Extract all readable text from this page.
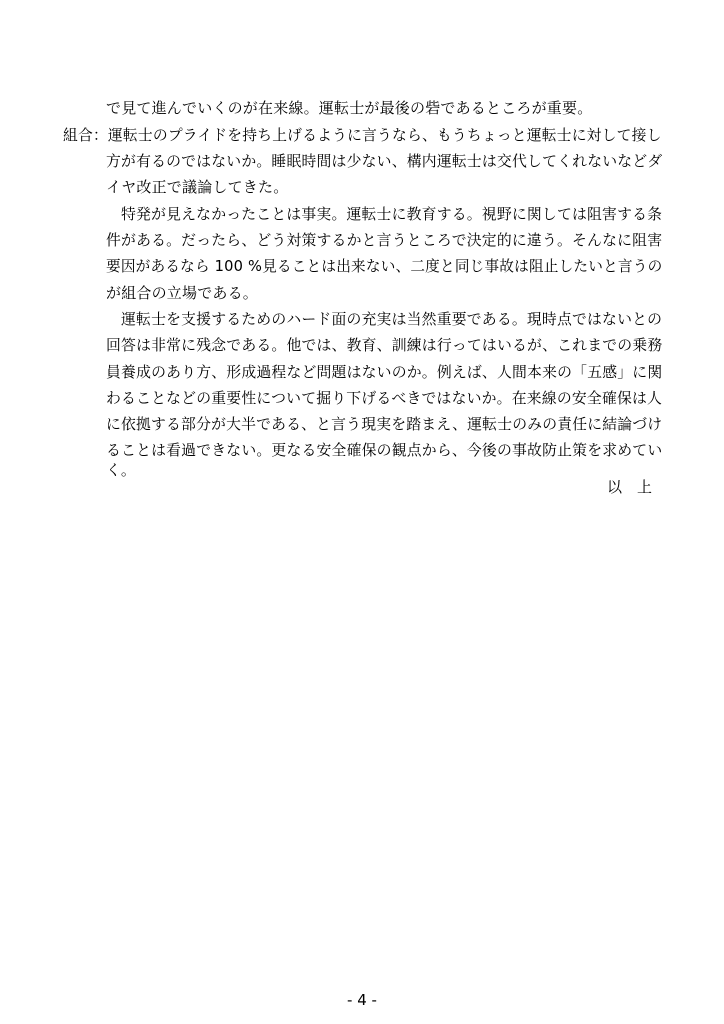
で見て進んでいくのが在来線。運転士が最後の砦であるところが重要。
組合：運転士のプライドを持ち上げるように言うなら、もうちょっと運転士に対して接し
方が有るのではないか。睡眠時間は少ない、構内運転士は交代してくれないなどダ
イヤ改正で議論してきた。
特発が見えなかったことは事実。運転士に教育する。視野に関しては阻害する条
件がある。だったら、どう対策するかと言うところで決定的に違う。そんなに阻害
要因があるなら 100 %見ることは出来ない、二度と同じ事故は阻止したいと言うの
が組合の立場である。
運転士を支援するためのハード面の充実は当然重要である。現時点ではないとの
回答は非常に残念である。他では、教育、訓練は行ってはいるが、これまでの乗務
員養成のあり方、形成過程など問題はないのか。例えば、人間本来の「五感」に関
わることなどの重要性について掘り下げるべきではないか。在来線の安全確保は人
に依拠する部分が大半である、と言う現実を踏まえ、運転士のみの責任に結論づけ
ることは看過できない。更なる安全確保の観点から、今後の事故防止策を求めてい
く。
以　上
- 4 -
